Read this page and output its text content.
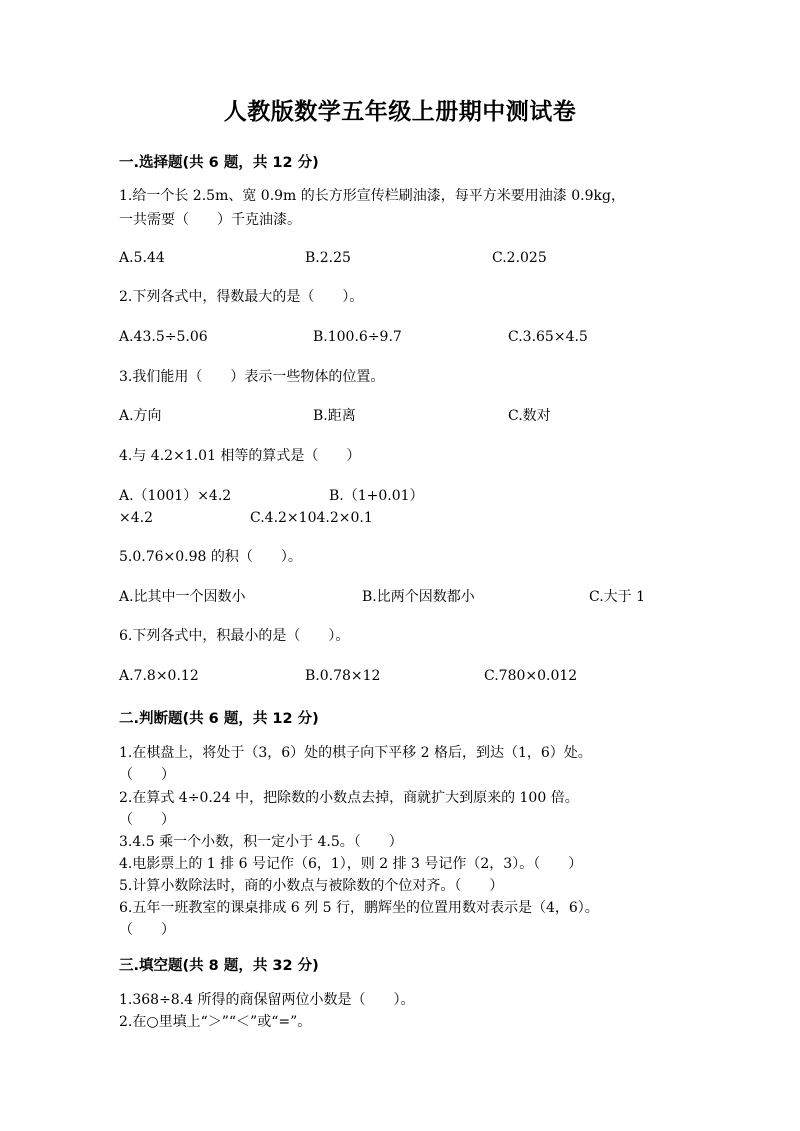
人教版数学五年级上册期中测试卷
一.选择题(共 6 题，共 12 分)
1.给一个长 2.5m、宽 0.9m 的长方形宣传栏刷油漆，每平方米要用油漆 0.9kg，
一共需要（　　）千克油漆。
A.5.44	B.2.25	C.2.025
2.下列各式中，得数最大的是（　　）。
A.43.5÷5.06	B.100.6÷9.7	C.3.65×4.5
3.我们能用（　　）表示一些物体的位置。
A.方向	B.距离	C.数对
4.与 4.2×1.01 相等的算式是（　　）
A.（1001）×4.2	B.（1+0.01）
×4.2	C.4.2×104.2×0.1
5.0.76×0.98 的积（　　）。
A.比其中一个因数小	B.比两个因数都小	C.大于 1
6.下列各式中，积最小的是（　　）。
A.7.8×0.12	B.0.78×12	C.780×0.012
二.判断题(共 6 题，共 12 分)
1.在棋盘上，将处于（3，6）处的棋子向下平移 2 格后，到达（1，6）处。
（　　）
2.在算式 4÷0.24 中，把除数的小数点去掉，商就扩大到原来的 100 倍。
（　　）
3.4.5 乘一个小数，积一定小于 4.5。（　　）
4.电影票上的 1 排 6 号记作（6，1），则 2 排 3 号记作（2，3）。（　　）
5.计算小数除法时，商的小数点与被除数的个位对齐。（　　）
6.五年一班教室的课桌排成 6 列 5 行，鹏辉坐的位置用数对表示是（4，6）。
（　　）
三.填空题(共 8 题，共 32 分)
1.368÷8.4 所得的商保留两位小数是（　　）。
2.在○里填上“＞”“＜”或“=”。
